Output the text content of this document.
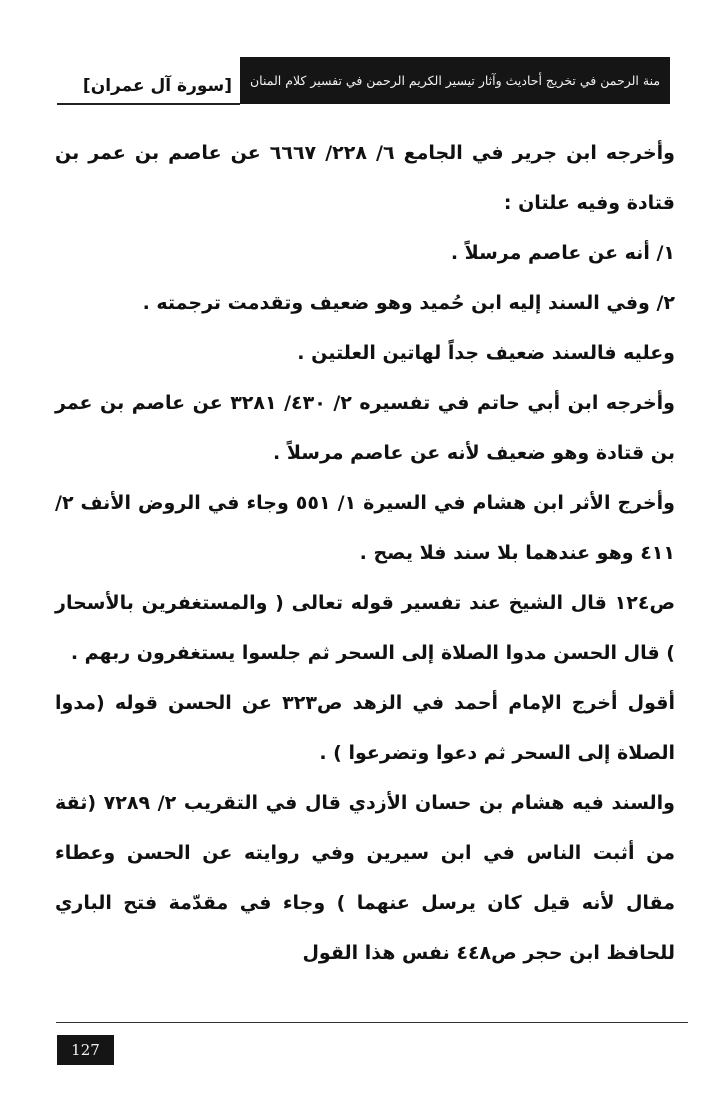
منة الرحمن في تخريج أحاديث وآثار تيسير الكريم الرحمن في تفسير كلام المنان
[سورة آل عمران]

وأخرجه ابن جرير في الجامع ٦/ ٢٢٨/ ٦٦٦٧ عن عاصم بن عمر بن قتادة وفيه علتان :

١/ أنه عن عاصم مرسلاً .

٢/ وفي السند إليه ابن حُميد وهو ضعيف وتقدمت ترجمته .

وعليه فالسند ضعيف جداً لهاتين العلتين .

وأخرجه ابن أبي حاتم في تفسيره ٢/ ٤٣٠/ ٣٢٨١ عن عاصم بن عمر بن قتادة وهو ضعيف لأنه عن عاصم مرسلاً .

وأخرج الأثر ابن هشام في السيرة ١/ ٥٥١ وجاء في الروض الأنف ٢/ ٤١١ وهو عندهما بلا سند فلا يصح .

ص١٢٤ قال الشيخ عند تفسير قوله تعالى ( والمستغفرين بالأسحار ) قال الحسن مدوا الصلاة إلى السحر ثم جلسوا يستغفرون ربهم .

أقول أخرج الإمام أحمد في الزهد ص٣٢٣ عن الحسن قوله (مدوا الصلاة إلى السحر ثم دعوا وتضرعوا ) .

والسند فيه هشام بن حسان الأزدي قال في التقريب ٢/ ٧٢٨٩ (ثقة من أثبت الناس في ابن سيرين وفي روايته عن الحسن وعطاء مقال لأنه قيل كان يرسل عنهما ) وجاء في مقدّمة فتح الباري للحافظ ابن حجر ص٤٤٨ نفس هذا القول

127
